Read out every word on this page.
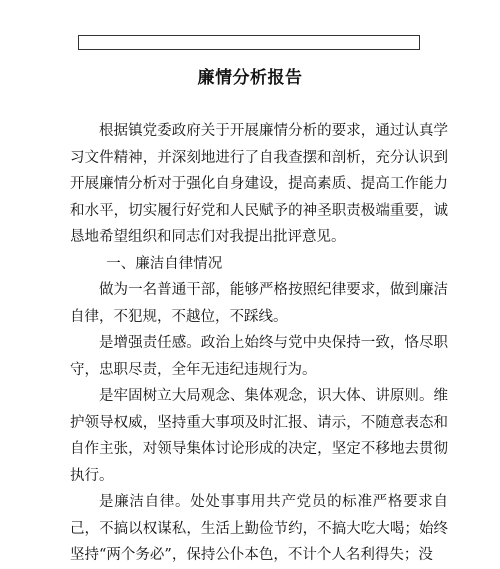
廉情分析报告

根据镇党委政府关于开展廉情分析的要求，通过认真学习文件精神，并深刻地进行了自我查摆和剖析，充分认识到开展廉情分析对于强化自身建设，提高素质、提高工作能力和水平，切实履行好党和人民赋予的神圣职责极端重要，诚恳地希望组织和同志们对我提出批评意见。

一、廉洁自律情况

做为一名普通干部，能够严格按照纪律要求，做到廉洁自律，不犯规，不越位，不踩线。

是增强责任感。政治上始终与党中央保持一致，恪尽职守，忠职尽责，全年无违纪违规行为。

是牢固树立大局观念、集体观念，识大体、讲原则。维护领导权威，坚持重大事项及时汇报、请示，不随意表态和自作主张，对领导集体讨论形成的决定，坚定不移地去贯彻执行。

是廉洁自律。处处事事用共产党员的标准严格要求自己，不搞以权谋私，生活上勤俭节约，不搞大吃大喝；始终坚持“两个务必”，保持公仆本色，不计个人名利得失；没
